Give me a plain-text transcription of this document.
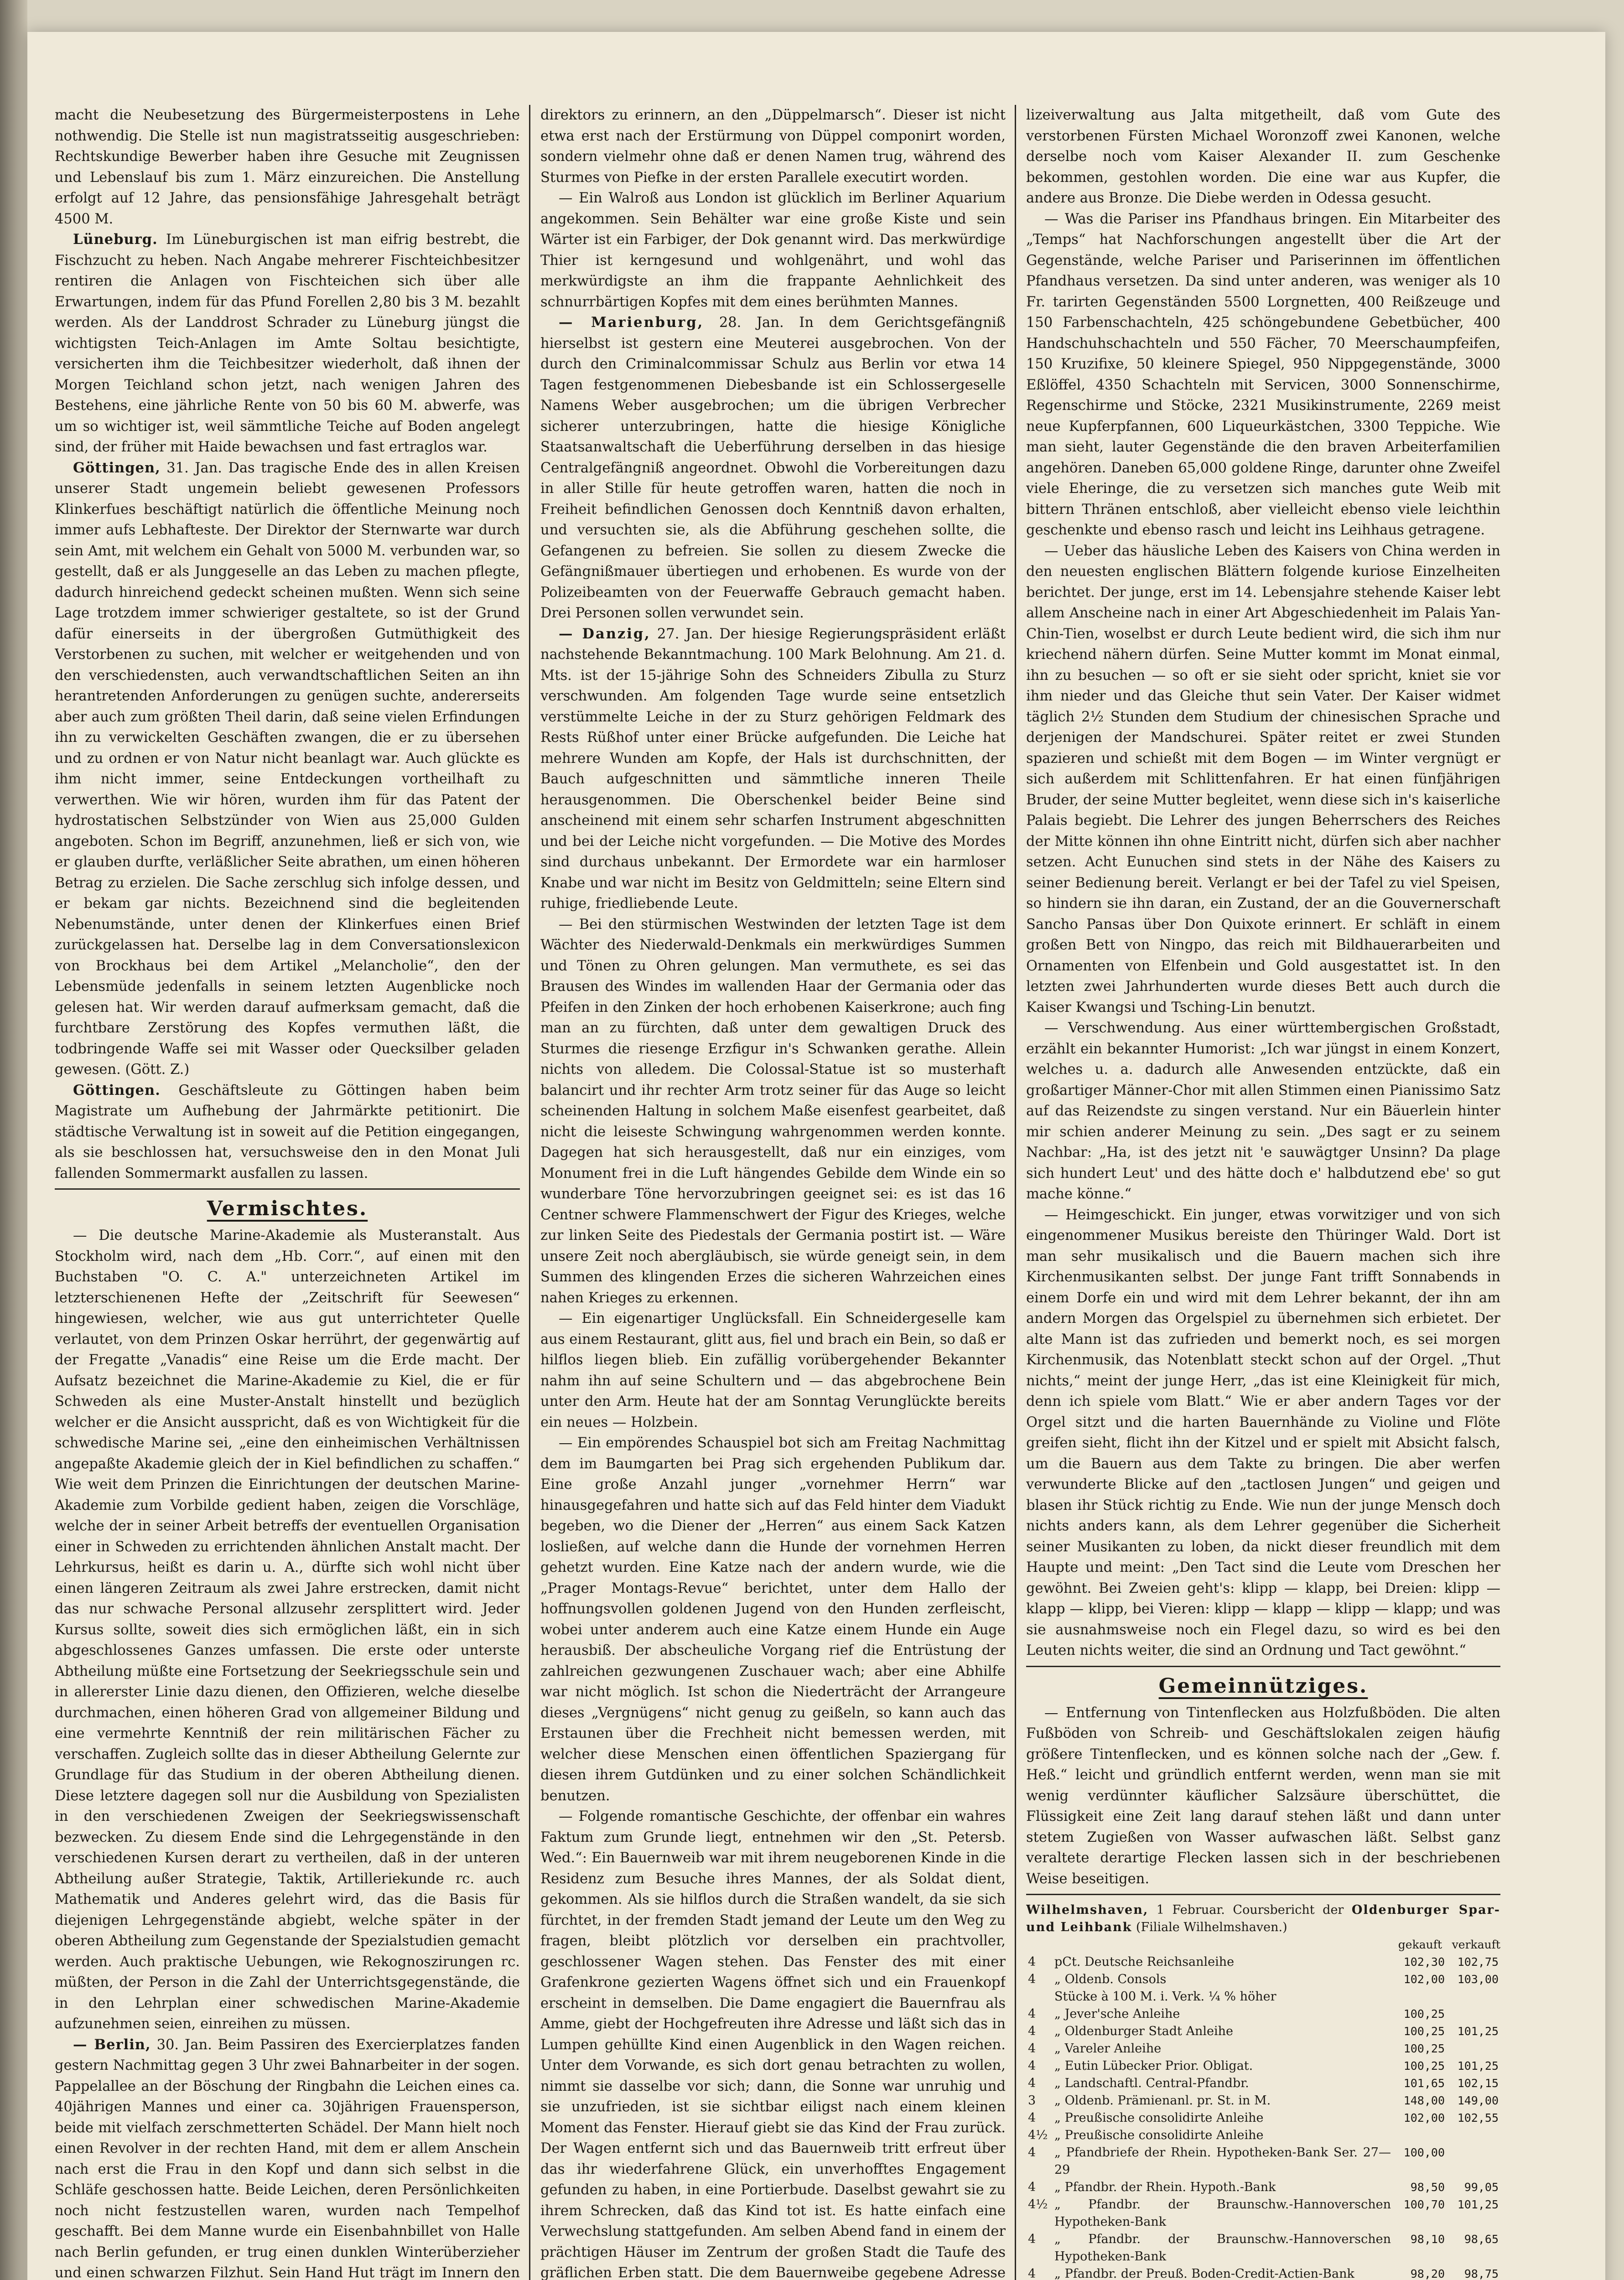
macht die Neubesetzung des Bürgermeisterpostens in Lehe nothwendig. Die Stelle ist nun magistratsseitig ausgeschrieben: Rechtskundige Bewerber haben ihre Gesuche mit Zeugnissen und Lebenslauf bis zum 1. März einzureichen. Die Anstellung erfolgt auf 12 Jahre, das pensionsfähige Jahresgehalt beträgt 4500 M.

Lüneburg. Im Lüneburgischen ist man eifrig bestrebt, die Fischzucht zu heben. Nach Angabe mehrerer Fischteichbesitzer rentiren die Anlagen von Fischteichen sich über alle Erwartungen, indem für das Pfund Forellen 2,80 bis 3 M. bezahlt werden. Als der Landdrost Schrader zu Lüneburg jüngst die wichtigsten Teich-Anlagen im Amte Soltau besichtigte, versicherten ihm die Teichbesitzer wiederholt, daß ihnen der Morgen Teichland schon jetzt, nach wenigen Jahren des Bestehens, eine jährliche Rente von 50 bis 60 M. abwerfe, was um so wichtiger ist, weil sämmtliche Teiche auf Boden angelegt sind, der früher mit Haide bewachsen und fast ertraglos war.

Göttingen, 31. Jan. Das tragische Ende des in allen Kreisen unserer Stadt ungemein beliebt gewesenen Professors Klinkerfues beschäftigt natürlich die öffentliche Meinung noch immer aufs Lebhafteste. Der Direktor der Sternwarte war durch sein Amt, mit welchem ein Gehalt von 5000 M. verbunden war, so gestellt, daß er als Junggeselle an das Leben zu machen pflegte, dadurch hinreichend gedeckt scheinen mußten. Wenn sich seine Lage trotzdem immer schwieriger gestaltete, so ist der Grund dafür einerseits in der übergroßen Gutmüthigkeit des Verstorbenen zu suchen, mit welcher er weitgehenden und von den verschiedensten, auch verwandtschaftlichen Seiten an ihn herantretenden Anforderungen zu genügen suchte, andererseits aber auch zum größten Theil darin, daß seine vielen Erfindungen ihn zu verwickelten Geschäften zwangen, die er zu übersehen und zu ordnen er von Natur nicht beanlagt war. Auch glückte es ihm nicht immer, seine Entdeckungen vortheilhaft zu verwerthen. Wie wir hören, wurden ihm für das Patent der hydrostatischen Selbstzünder von Wien aus 25,000 Gulden angeboten. Schon im Begriff, anzunehmen, ließ er sich von, wie er glauben durfte, verläßlicher Seite abrathen, um einen höheren Betrag zu erzielen. Die Sache zerschlug sich infolge dessen, und er bekam gar nichts. Bezeichnend sind die begleitenden Nebenumstände, unter denen der Klinkerfues einen Brief zurückgelassen hat. Derselbe lag in dem Conversationslexicon von Brockhaus bei dem Artikel „Melancholie“, den der Lebensmüde jedenfalls in seinem letzten Augenblicke noch gelesen hat. Wir werden darauf aufmerksam gemacht, daß die furchtbare Zerstörung des Kopfes vermuthen läßt, die todbringende Waffe sei mit Wasser oder Quecksilber geladen gewesen. (Gött. Z.)

Göttingen. Geschäftsleute zu Göttingen haben beim Magistrate um Aufhebung der Jahrmärkte petitionirt. Die städtische Verwaltung ist in soweit auf die Petition eingegangen, als sie beschlossen hat, versuchsweise den in den Monat Juli fallenden Sommermarkt ausfallen zu lassen.

Vermischtes.

— Die deutsche Marine-Akademie als Musteranstalt. Aus Stockholm wird, nach dem „Hb. Corr.“, auf einen mit den Buchstaben "O. C. A." unterzeichneten Artikel im letzterschienenen Hefte der „Zeitschrift für Seewesen“ hingewiesen, welcher, wie aus gut unterrichteter Quelle verlautet, von dem Prinzen Oskar herrührt, der gegenwärtig auf der Fregatte „Vanadis“ eine Reise um die Erde macht. Der Aufsatz bezeichnet die Marine-Akademie zu Kiel, die er für Schweden als eine Muster-Anstalt hinstellt und bezüglich welcher er die Ansicht ausspricht, daß es von Wichtigkeit für die schwedische Marine sei, „eine den einheimischen Verhältnissen angepaßte Akademie gleich der in Kiel befindlichen zu schaffen.“ Wie weit dem Prinzen die Einrichtungen der deutschen Marine-Akademie zum Vorbilde gedient haben, zeigen die Vorschläge, welche der in seiner Arbeit betreffs der eventuellen Organisation einer in Schweden zu errichtenden ähnlichen Anstalt macht. Der Lehrkursus, heißt es darin u. A., dürfte sich wohl nicht über einen längeren Zeitraum als zwei Jahre erstrecken, damit nicht das nur schwache Personal allzusehr zersplittert wird. Jeder Kursus sollte, soweit dies sich ermöglichen läßt, ein in sich abgeschlossenes Ganzes umfassen. Die erste oder unterste Abtheilung müßte eine Fortsetzung der Seekriegsschule sein und in allererster Linie dazu dienen, den Offizieren, welche dieselbe durchmachen, einen höheren Grad von allgemeiner Bildung und eine vermehrte Kenntniß der rein militärischen Fächer zu verschaffen. Zugleich sollte das in dieser Abtheilung Gelernte zur Grundlage für das Studium in der oberen Abtheilung dienen. Diese letztere dagegen soll nur die Ausbildung von Spezialisten in den verschiedenen Zweigen der Seekriegswissenschaft bezwecken. Zu diesem Ende sind die Lehrgegenstände in den verschiedenen Kursen derart zu vertheilen, daß in der unteren Abtheilung außer Strategie, Taktik, Artilleriekunde rc. auch Mathematik und Anderes gelehrt wird, das die Basis für diejenigen Lehrgegenstände abgiebt, welche später in der oberen Abtheilung zum Gegenstande der Spezialstudien gemacht werden. Auch praktische Uebungen, wie Rekognoszirungen rc. müßten, der Person in die Zahl der Unterrichtsgegenstände, die in den Lehrplan einer schwedischen Marine-Akademie aufzunehmen seien, einreihen zu müssen.

— Berlin, 30. Jan. Beim Passiren des Exercierplatzes fanden gestern Nachmittag gegen 3 Uhr zwei Bahnarbeiter in der sogen. Pappelallee an der Böschung der Ringbahn die Leichen eines ca. 40jährigen Mannes und einer ca. 30jährigen Frauensperson, beide mit vielfach zerschmetterten Schädel. Der Mann hielt noch einen Revolver in der rechten Hand, mit dem er allem Anschein nach erst die Frau in den Kopf und dann sich selbst in die Schläfe geschossen hatte. Beide Leichen, deren Persönlichkeiten noch nicht festzustellen waren, wurden nach Tempelhof geschafft. Bei dem Manne wurde ein Eisenbahnbillet von Halle nach Berlin gefunden, er trug einen dunklen Winterüberzieher und einen schwarzen Filzhut. Sein Hand Hut trägt im Innern den

direktors zu erinnern, an den „Düppelmarsch“. Dieser ist nicht etwa erst nach der Erstürmung von Düppel componirt worden, sondern vielmehr ohne daß er denen Namen trug, während des Sturmes von Piefke in der ersten Parallele executirt worden.

— Ein Walroß aus London ist glücklich im Berliner Aquarium angekommen. Sein Behälter war eine große Kiste und sein Wärter ist ein Farbiger, der Dok genannt wird. Das merkwürdige Thier ist kerngesund und wohlgenährt, und wohl das merkwürdigste an ihm die frappante Aehnlichkeit des schnurrbärtigen Kopfes mit dem eines berühmten Mannes.

— Marienburg, 28. Jan. In dem Gerichtsgefängniß hierselbst ist gestern eine Meuterei ausgebrochen. Von der durch den Criminalcommissar Schulz aus Berlin vor etwa 14 Tagen festgenommenen Diebesbande ist ein Schlossergeselle Namens Weber ausgebrochen; um die übrigen Verbrecher sicherer unterzubringen, hatte die hiesige Königliche Staatsanwaltschaft die Ueberführung derselben in das hiesige Centralgefängniß angeordnet. Obwohl die Vorbereitungen dazu in aller Stille für heute getroffen waren, hatten die noch in Freiheit befindlichen Genossen doch Kenntniß davon erhalten, und versuchten sie, als die Abführung geschehen sollte, die Gefangenen zu befreien. Sie sollen zu diesem Zwecke die Gefängnißmauer übertiegen und erhobenen. Es wurde von der Polizeibeamten von der Feuerwaffe Gebrauch gemacht haben. Drei Personen sollen verwundet sein.

— Danzig, 27. Jan. Der hiesige Regierungspräsident erläßt nachstehende Bekanntmachung. 100 Mark Belohnung. Am 21. d. Mts. ist der 15-jährige Sohn des Schneiders Zibulla zu Sturz verschwunden. Am folgenden Tage wurde seine entsetzlich verstümmelte Leiche in der zu Sturz gehörigen Feldmark des Rests Rüßhof unter einer Brücke aufgefunden. Die Leiche hat mehrere Wunden am Kopfe, der Hals ist durchschnitten, der Bauch aufgeschnitten und sämmtliche inneren Theile herausgenommen. Die Oberschenkel beider Beine sind anscheinend mit einem sehr scharfen Instrument abgeschnitten und bei der Leiche nicht vorgefunden. — Die Motive des Mordes sind durchaus unbekannt. Der Ermordete war ein harmloser Knabe und war nicht im Besitz von Geldmitteln; seine Eltern sind ruhige, friedliebende Leute.

— Bei den stürmischen Westwinden der letzten Tage ist dem Wächter des Niederwald-Denkmals ein merkwürdiges Summen und Tönen zu Ohren gelungen. Man vermuthete, es sei das Brausen des Windes im wallenden Haar der Germania oder das Pfeifen in den Zinken der hoch erhobenen Kaiserkrone; auch fing man an zu fürchten, daß unter dem gewaltigen Druck des Sturmes die riesenge Erzfigur in's Schwanken gerathe. Allein nichts von alledem. Die Colossal-Statue ist so musterhaft balancirt und ihr rechter Arm trotz seiner für das Auge so leicht scheinenden Haltung in solchem Maße eisenfest gearbeitet, daß nicht die leiseste Schwingung wahrgenommen werden konnte. Dagegen hat sich herausgestellt, daß nur ein einziges, vom Monument frei in die Luft hängendes Gebilde dem Winde ein so wunderbare Töne hervorzubringen geeignet sei: es ist das 16 Centner schwere Flammenschwert der Figur des Krieges, welche zur linken Seite des Piedestals der Germania postirt ist. — Wäre unsere Zeit noch abergläubisch, sie würde geneigt sein, in dem Summen des klingenden Erzes die sicheren Wahrzeichen eines nahen Krieges zu erkennen.

— Ein eigenartiger Unglücksfall. Ein Schneidergeselle kam aus einem Restaurant, glitt aus, fiel und brach ein Bein, so daß er hilflos liegen blieb. Ein zufällig vorübergehender Bekannter nahm ihn auf seine Schultern und — das abgebrochene Bein unter den Arm. Heute hat der am Sonntag Verunglückte bereits ein neues — Holzbein.

— Ein empörendes Schauspiel bot sich am Freitag Nachmittag dem im Baumgarten bei Prag sich ergehenden Publikum dar. Eine große Anzahl junger „vornehmer Herrn“ war hinausgegefahren und hatte sich auf das Feld hinter dem Viadukt begeben, wo die Diener der „Herren“ aus einem Sack Katzen losließen, auf welche dann die Hunde der vornehmen Herren gehetzt wurden. Eine Katze nach der andern wurde, wie die „Prager Montags-Revue“ berichtet, unter dem Hallo der hoffnungsvollen goldenen Jugend von den Hunden zerfleischt, wobei unter anderem auch eine Katze einem Hunde ein Auge herausbiß. Der abscheuliche Vorgang rief die Entrüstung der zahlreichen gezwungenen Zuschauer wach; aber eine Abhilfe war nicht möglich. Ist schon die Niederträcht der Arrangeure dieses „Vergnügens“ nicht genug zu geißeln, so kann auch das Erstaunen über die Frechheit nicht bemessen werden, mit welcher diese Menschen einen öffentlichen Spaziergang für diesen ihrem Gutdünken und zu einer solchen Schändlichkeit benutzen.

— Folgende romantische Geschichte, der offenbar ein wahres Faktum zum Grunde liegt, entnehmen wir den „St. Petersb. Wed.“: Ein Bauernweib war mit ihrem neugeborenen Kinde in die Residenz zum Besuche ihres Mannes, der als Soldat dient, gekommen. Als sie hilflos durch die Straßen wandelt, da sie sich fürchtet, in der fremden Stadt jemand der Leute um den Weg zu fragen, bleibt plötzlich vor derselben ein prachtvoller, geschlossener Wagen stehen. Das Fenster des mit einer Grafenkrone gezierten Wagens öffnet sich und ein Frauenkopf erscheint in demselben. Die Dame engagiert die Bauernfrau als Amme, giebt der Hochgefreuten ihre Adresse und läßt sich das in Lumpen gehüllte Kind einen Augenblick in den Wagen reichen. Unter dem Vorwande, es sich dort genau betrachten zu wollen, nimmt sie dasselbe vor sich; dann, die Sonne war unruhig und sie unzufrieden, ist sie sichtbar eiligst nach einem kleinen Moment das Fenster. Hierauf giebt sie das Kind der Frau zurück. Der Wagen entfernt sich und das Bauernweib tritt erfreut über das ihr wiederfahrene Glück, ein unverhofftes Engagement gefunden zu haben, in eine Portierbude. Daselbst gewahrt sie zu ihrem Schrecken, daß das Kind tot ist. Es hatte einfach eine Verwechslung stattgefunden. Am selben Abend fand in einem der prächtigen Häuser im Zentrum der großen Stadt die Taufe des gräflichen Erben statt. Die dem Bauernweibe gegebene Adresse

lizeiverwaltung aus Jalta mitgetheilt, daß vom Gute des verstorbenen Fürsten Michael Woronzoff zwei Kanonen, welche derselbe noch vom Kaiser Alexander II. zum Geschenke bekommen, gestohlen worden. Die eine war aus Kupfer, die andere aus Bronze. Die Diebe werden in Odessa gesucht.

— Was die Pariser ins Pfandhaus bringen. Ein Mitarbeiter des „Temps“ hat Nachforschungen angestellt über die Art der Gegenstände, welche Pariser und Pariserinnen im öffentlichen Pfandhaus versetzen. Da sind unter anderen, was weniger als 10 Fr. tarirten Gegenständen 5500 Lorgnetten, 400 Reißzeuge und 150 Farbenschachteln, 425 schöngebundene Gebetbücher, 400 Handschuhschachteln und 550 Fächer, 70 Meerschaumpfeifen, 150 Kruzifixe, 50 kleinere Spiegel, 950 Nippgegenstände, 3000 Eßlöffel, 4350 Schachteln mit Servicen, 3000 Sonnenschirme, Regenschirme und Stöcke, 2321 Musikinstrumente, 2269 meist neue Kupferpfannen, 600 Liqueurkästchen, 3300 Teppiche. Wie man sieht, lauter Gegenstände die den braven Arbeiterfamilien angehören. Daneben 65,000 goldene Ringe, darunter ohne Zweifel viele Eheringe, die zu versetzen sich manches gute Weib mit bittern Thränen entschloß, aber vielleicht ebenso viele leichthin geschenkte und ebenso rasch und leicht ins Leihhaus getragene.

— Ueber das häusliche Leben des Kaisers von China werden in den neuesten englischen Blättern folgende kuriose Einzelheiten berichtet. Der junge, erst im 14. Lebensjahre stehende Kaiser lebt allem Anscheine nach in einer Art Abgeschiedenheit im Palais Yan-Chin-Tien, woselbst er durch Leute bedient wird, die sich ihm nur kriechend nähern dürfen. Seine Mutter kommt im Monat einmal, ihn zu besuchen — so oft er sie sieht oder spricht, kniet sie vor ihm nieder und das Gleiche thut sein Vater. Der Kaiser widmet täglich 2½ Stunden dem Studium der chinesischen Sprache und derjenigen der Mandschurei. Später reitet er zwei Stunden spazieren und schießt mit dem Bogen — im Winter vergnügt er sich außerdem mit Schlittenfahren. Er hat einen fünfjährigen Bruder, der seine Mutter begleitet, wenn diese sich in's kaiserliche Palais begiebt. Die Lehrer des jungen Beherrschers des Reiches der Mitte können ihn ohne Eintritt nicht, dürfen sich aber nachher setzen. Acht Eunuchen sind stets in der Nähe des Kaisers zu seiner Bedienung bereit. Verlangt er bei der Tafel zu viel Speisen, so hindern sie ihn daran, ein Zustand, der an die Gouvernerschaft Sancho Pansas über Don Quixote erinnert. Er schläft in einem großen Bett von Ningpo, das reich mit Bildhauerarbeiten und Ornamenten von Elfenbein und Gold ausgestattet ist. In den letzten zwei Jahrhunderten wurde dieses Bett auch durch die Kaiser Kwangsi und Tsching-Lin benutzt.

— Verschwendung. Aus einer württembergischen Großstadt, erzählt ein bekannter Humorist: „Ich war jüngst in einem Konzert, welches u. a. dadurch alle Anwesenden entzückte, daß ein großartiger Männer-Chor mit allen Stimmen einen Pianissimo Satz auf das Reizendste zu singen verstand. Nur ein Bäuerlein hinter mir schien anderer Meinung zu sein. „Des sagt er zu seinem Nachbar: „Ha, ist des jetzt nit 'e sauwägtger Unsinn? Da plage sich hundert Leut' und des hätte doch e' halbdutzend ebe' so gut mache könne.“

— Heimgeschickt. Ein junger, etwas vorwitziger und von sich eingenommener Musikus bereiste den Thüringer Wald. Dort ist man sehr musikalisch und die Bauern machen sich ihre Kirchenmusikanten selbst. Der junge Fant trifft Sonnabends in einem Dorfe ein und wird mit dem Lehrer bekannt, der ihn am andern Morgen das Orgelspiel zu übernehmen sich erbietet. Der alte Mann ist das zufrieden und bemerkt noch, es sei morgen Kirchenmusik, das Notenblatt steckt schon auf der Orgel. „Thut nichts,“ meint der junge Herr, „das ist eine Kleinigkeit für mich, denn ich spiele vom Blatt.“ Wie er aber andern Tages vor der Orgel sitzt und die harten Bauernhände zu Violine und Flöte greifen sieht, flicht ihn der Kitzel und er spielt mit Absicht falsch, um die Bauern aus dem Takte zu bringen. Die aber werfen verwunderte Blicke auf den „tactlosen Jungen“ und geigen und blasen ihr Stück richtig zu Ende. Wie nun der junge Mensch doch nichts anders kann, als dem Lehrer gegenüber die Sicherheit seiner Musikanten zu loben, da nickt dieser freundlich mit dem Haupte und meint: „Den Tact sind die Leute vom Dreschen her gewöhnt. Bei Zweien geht's: klipp — klapp, bei Dreien: klipp — klapp — klipp, bei Vieren: klipp — klapp — klipp — klapp; und was sie ausnahmsweise noch ein Flegel dazu, so wird es bei den Leuten nichts weiter, die sind an Ordnung und Tact gewöhnt.“

Gemeinnütziges.

— Entfernung von Tintenflecken aus Holzfußböden. Die alten Fußböden von Schreib- und Geschäftslokalen zeigen häufig größere Tintenflecken, und es können solche nach der „Gew. f. Heß.“ leicht und gründlich entfernt werden, wenn man sie mit wenig verdünnter käuflicher Salzsäure überschüttet, die Flüssigkeit eine Zeit lang darauf stehen läßt und dann unter stetem Zugießen von Wasser aufwaschen läßt. Selbst ganz veraltete derartige Flecken lassen sich in der beschriebenen Weise beseitigen.

Wilhelmshaven, 1 Februar. Coursbericht der Oldenburger Spar- und Leihbank (Filiale Wilhelmshaven.)
gekauft verkauft
4	pCt. Deutsche Reichsanleihe	102,30	102,75
4	„ Oldenb. Consols	102,00	103,00
	Stücke à 100 M. i. Verk. ¼ % höher		
4	„ Jever'sche Anleihe	100,25	
4	„ Oldenburger Stadt Anleihe	100,25	101,25
4	„ Vareler Anleihe	100,25	
4	„ Eutin Lübecker Prior. Obligat.	100,25	101,25
4	„ Landschaftl. Central-Pfandbr.	101,65	102,15
3	„ Oldenb. Prämienanl. pr. St. in M.	148,00	149,00
4	„ Preußische consolidirte Anleihe	102,00	102,55
4½	„ Preußische consolidirte Anleihe		
4	„ Pfandbriefe der Rhein. Hypotheken-Bank Ser. 27—29	100,00	
4	„ Pfandbr. der Rhein. Hypoth.-Bank	98,50	99,05
4½	„ Pfandbr. der Braunschw.-Hannoverschen Hypotheken-Bank	100,70	101,25
4	„ Pfandbr. der Braunschw.-Hannoverschen Hypotheken-Bank	98,10	98,65
4	„ Pfandbr. der Preuß. Boden-Credit-Actien-Bank	98,20	98,75
